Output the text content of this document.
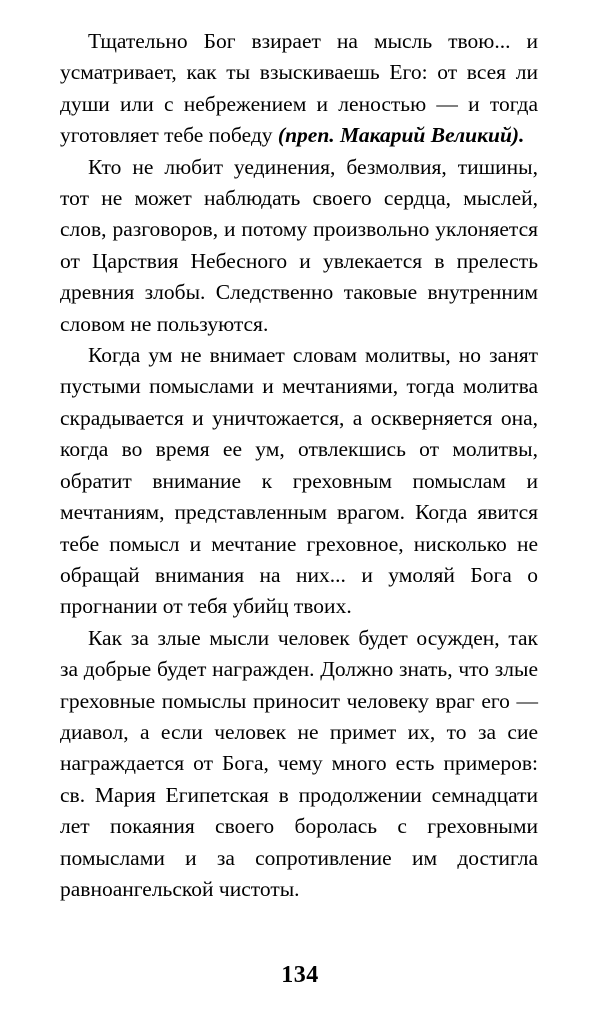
Тщательно Бог взирает на мысль твою... и усматривает, как ты взыскиваешь Его: от всея ли души или с небрежением и леностью — и тогда уготовляет тебе победу (преп. Макарий Великий).

Кто не любит уединения, безмолвия, тишины, тот не может наблюдать своего сердца, мыслей, слов, разговоров, и потому произвольно уклоняется от Царствия Небесного и увлекается в прелесть древния злобы. Следственно таковые внутренним словом не пользуются.

Когда ум не внимает словам молитвы, но занят пустыми помыслами и мечтаниями, тогда молитва скрадывается и уничтожается, а оскверняется она, когда во время ее ум, отвлекшись от молитвы, обратит внимание к греховным помыслам и мечтаниям, представленным врагом. Когда явится тебе помысл и мечтание греховное, нисколько не обращай внимания на них... и умоляй Бога о прогнании от тебя убийц твоих.

Как за злые мысли человек будет осужден, так за добрые будет награжден. Должно знать, что злые греховные помыслы приносит человеку враг его — диавол, а если человек не примет их, то за сие награждается от Бога, чему много есть примеров: св. Мария Египетская в продолжении семнадцати лет покаяния своего боролась с греховными помыслами и за сопротивление им достигла равноангельской чистоты.

134
